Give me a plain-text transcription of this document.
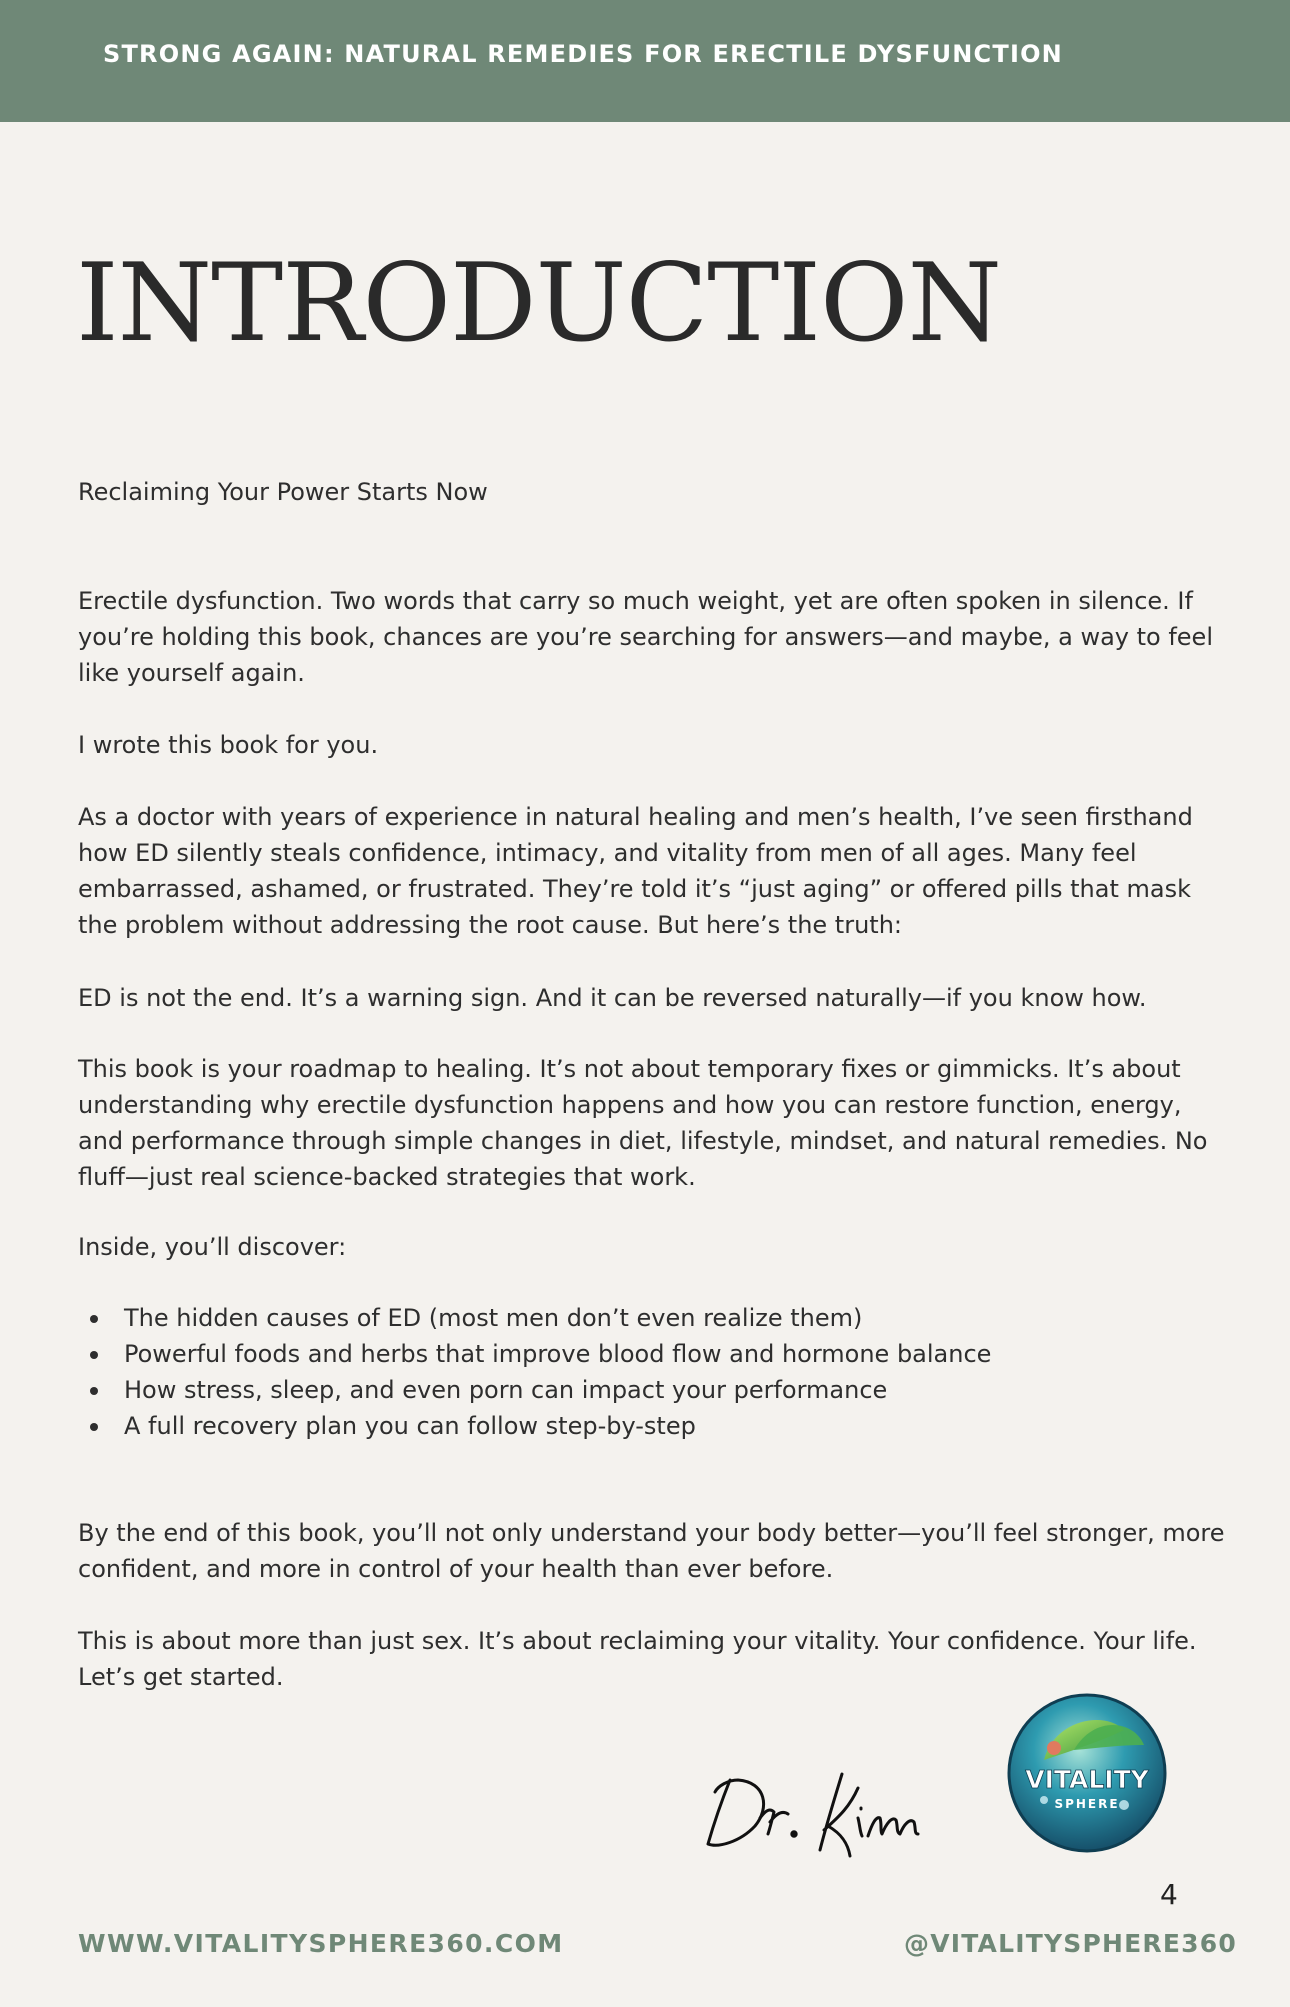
STRONG AGAIN: NATURAL REMEDIES FOR ERECTILE DYSFUNCTION
INTRODUCTION

Reclaiming Your Power Starts Now

Erectile dysfunction. Two words that carry so much weight, yet are often spoken in silence. If you’re holding this book, chances are you’re searching for answers—and maybe, a way to feel like yourself again.

I wrote this book for you.

As a doctor with years of experience in natural healing and men’s health, I’ve seen firsthand how ED silently steals confidence, intimacy, and vitality from men of all ages. Many feel embarrassed, ashamed, or frustrated. They’re told it’s “just aging” or offered pills that mask the problem without addressing the root cause. But here’s the truth:

ED is not the end. It’s a warning sign. And it can be reversed naturally—if you know how.

This book is your roadmap to healing. It’s not about temporary fixes or gimmicks. It’s about understanding why erectile dysfunction happens and how you can restore function, energy, and performance through simple changes in diet, lifestyle, mindset, and natural remedies. No fluff—just real science-backed strategies that work.

Inside, you’ll discover:

The hidden causes of ED (most men don’t even realize them)
Powerful foods and herbs that improve blood flow and hormone balance
How stress, sleep, and even porn can impact your performance
A full recovery plan you can follow step-by-step

By the end of this book, you’ll not only understand your body better—you’ll feel stronger, more confident, and more in control of your health than ever before.

This is about more than just sex. It’s about reclaiming your vitality. Your confidence. Your life.

Let’s get started.

VITALITY
SPHERE
4
WWW.VITALITYSPHERE360.COM	@VITALITYSPHERE360
